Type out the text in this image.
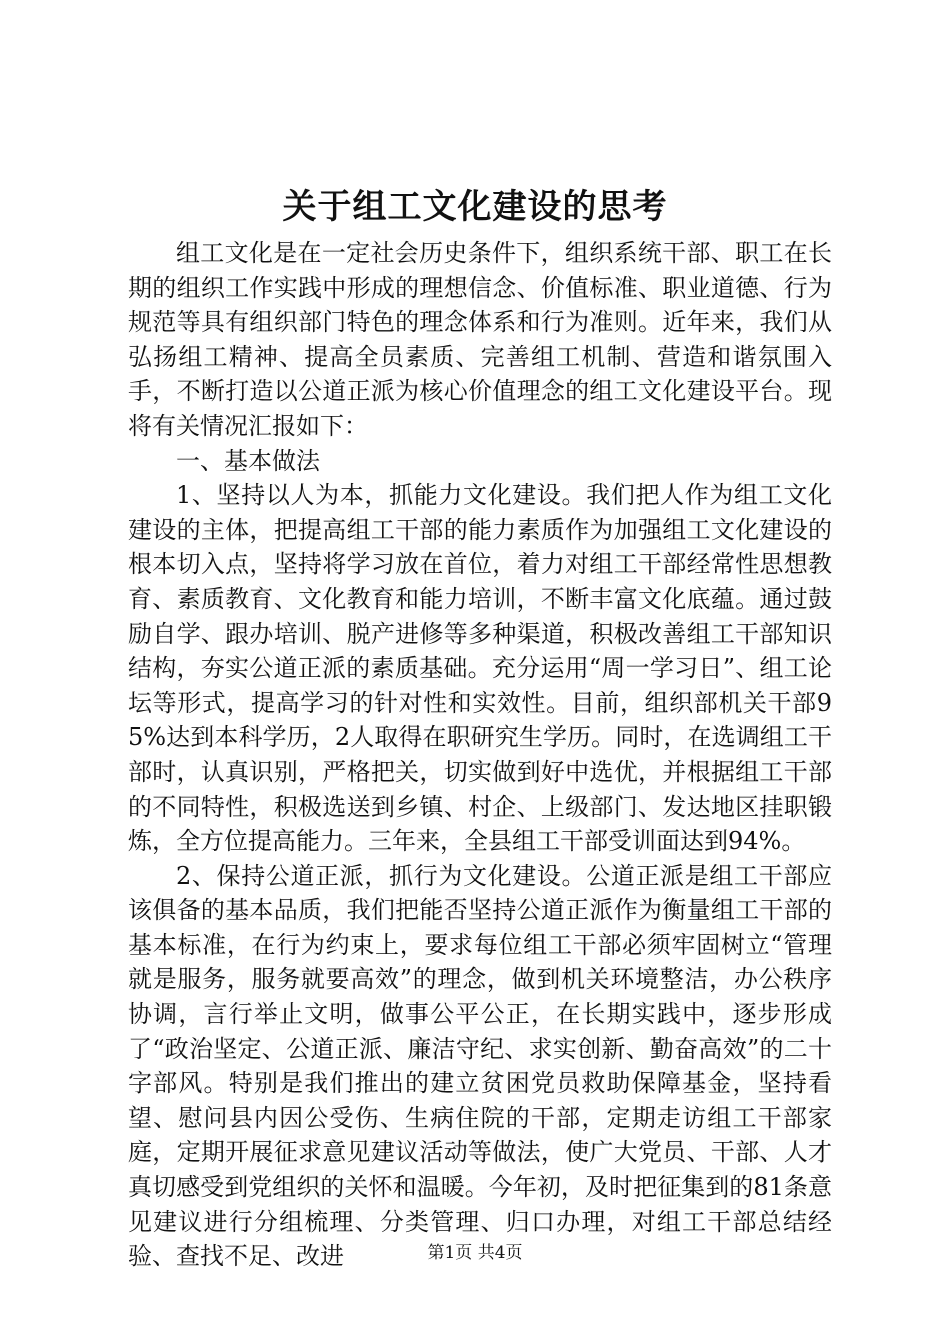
关于组工文化建设的思考

组工文化是在一定社会历史条件下，组织系统干部、职工在长期的组织工作实践中形成的理想信念、价值标准、职业道德、行为规范等具有组织部门特色的理念体系和行为准则。近年来，我们从弘扬组工精神、提高全员素质、完善组工机制、营造和谐氛围入手，不断打造以公道正派为核心价值理念的组工文化建设平台。现将有关情况汇报如下：

一、基本做法

1、坚持以人为本，抓能力文化建设。我们把人作为组工文化建设的主体，把提高组工干部的能力素质作为加强组工文化建设的根本切入点，坚持将学习放在首位，着力对组工干部经常性思想教育、素质教育、文化教育和能力培训，不断丰富文化底蕴。通过鼓励自学、跟办培训、脱产进修等多种渠道，积极改善组工干部知识结构，夯实公道正派的素质基础。充分运用“周一学习日”、组工论坛等形式，提高学习的针对性和实效性。目前，组织部机关干部95%达到本科学历，2人取得在职研究生学历。同时，在选调组工干部时，认真识别，严格把关，切实做到好中选优，并根据组工干部的不同特性，积极选送到乡镇、村企、上级部门、发达地区挂职锻炼，全方位提高能力。三年来，全县组工干部受训面达到94%。

2、保持公道正派，抓行为文化建设。公道正派是组工干部应该俱备的基本品质，我们把能否坚持公道正派作为衡量组工干部的基本标准，在行为约束上，要求每位组工干部必须牢固树立“管理就是服务，服务就要高效”的理念，做到机关环境整洁，办公秩序协调，言行举止文明，做事公平公正，在长期实践中，逐步形成了“政治坚定、公道正派、廉洁守纪、求实创新、勤奋高效”的二十字部风。特别是我们推出的建立贫困党员救助保障基金，坚持看望、慰问县内因公受伤、生病住院的干部，定期走访组工干部家庭，定期开展征求意见建议活动等做法，使广大党员、干部、人才真切感受到党组织的关怀和温暖。今年初，及时把征集到的81条意见建议进行分组梳理、分类管理、归口办理，对组工干部总结经验、查找不足、改进	第1页 共4页
